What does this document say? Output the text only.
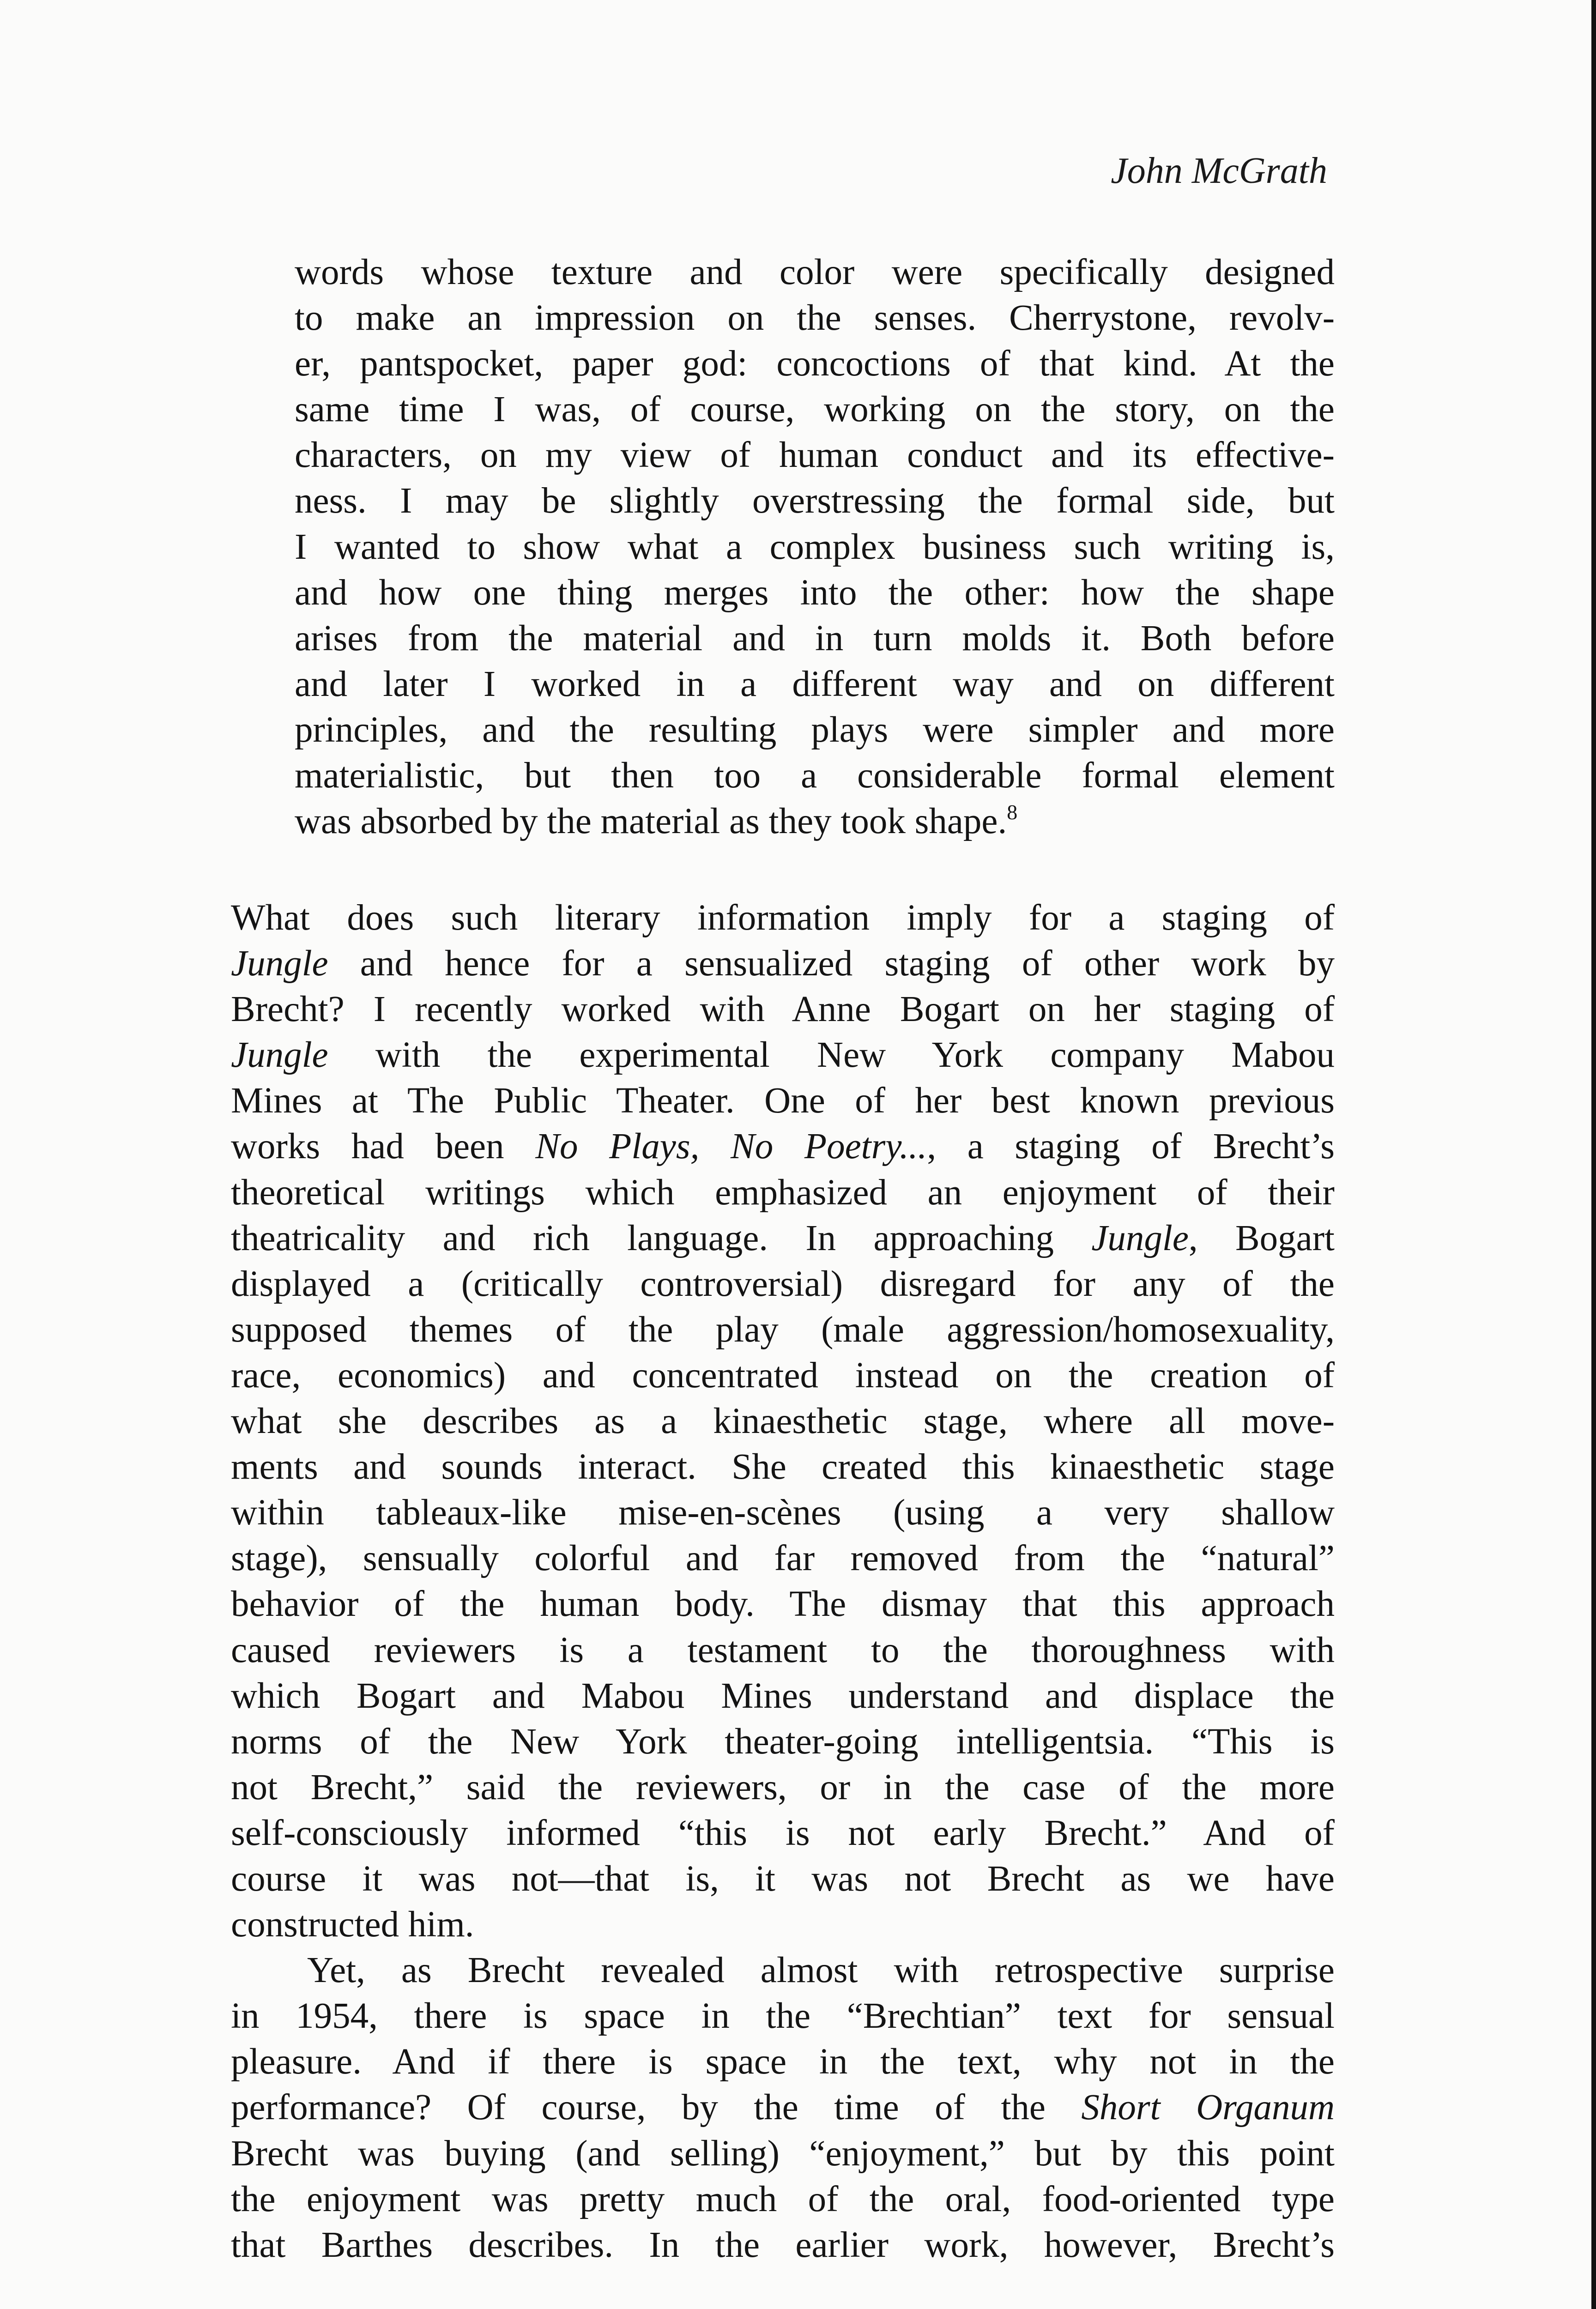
John McGrath
words whose texture and color were specifically designed
to make an impression on the senses. Cherrystone, revolv-
er, pantspocket, paper god: concoctions of that kind. At the
same time I was, of course, working on the story, on the
characters, on my view of human conduct and its effective-
ness. I may be slightly overstressing the formal side, but
I wanted to show what a complex business such writing is,
and how one thing merges into the other: how the shape
arises from the material and in turn molds it. Both before
and later I worked in a different way and on different
principles, and the resulting plays were simpler and more
materialistic, but then too a considerable formal element
was absorbed by the material as they took shape.$^8$
What does such literary information imply for a staging of
Jungle and hence for a sensualized staging of other work by
Brecht? I recently worked with Anne Bogart on her staging of
Jungle with the experimental New York company Mabou
Mines at The Public Theater. One of her best known previous
works had been No Plays, No Poetry..., a staging of Brecht’s
theoretical writings which emphasized an enjoyment of their
theatricality and rich language. In approaching Jungle, Bogart
displayed a (critically controversial) disregard for any of the
supposed themes of the play (male aggression/homosexuality,
race, economics) and concentrated instead on the creation of
what she describes as a kinaesthetic stage, where all move-
ments and sounds interact. She created this kinaesthetic stage
within tableaux-like mise-en-scènes (using a very shallow
stage), sensually colorful and far removed from the “natural”
behavior of the human body. The dismay that this approach
caused reviewers is a testament to the thoroughness with
which Bogart and Mabou Mines understand and displace the
norms of the New York theater-going intelligentsia. “This is
not Brecht,” said the reviewers, or in the case of the more
self-consciously informed “this is not early Brecht.” And of
course it was not—that is, it was not Brecht as we have
constructed him.
Yet, as Brecht revealed almost with retrospective surprise
in 1954, there is space in the “Brechtian” text for sensual
pleasure. And if there is space in the text, why not in the
performance? Of course, by the time of the Short Organum
Brecht was buying (and selling) “enjoyment,” but by this point
the enjoyment was pretty much of the oral, food-oriented type
that Barthes describes. In the earlier work, however, Brecht’s
